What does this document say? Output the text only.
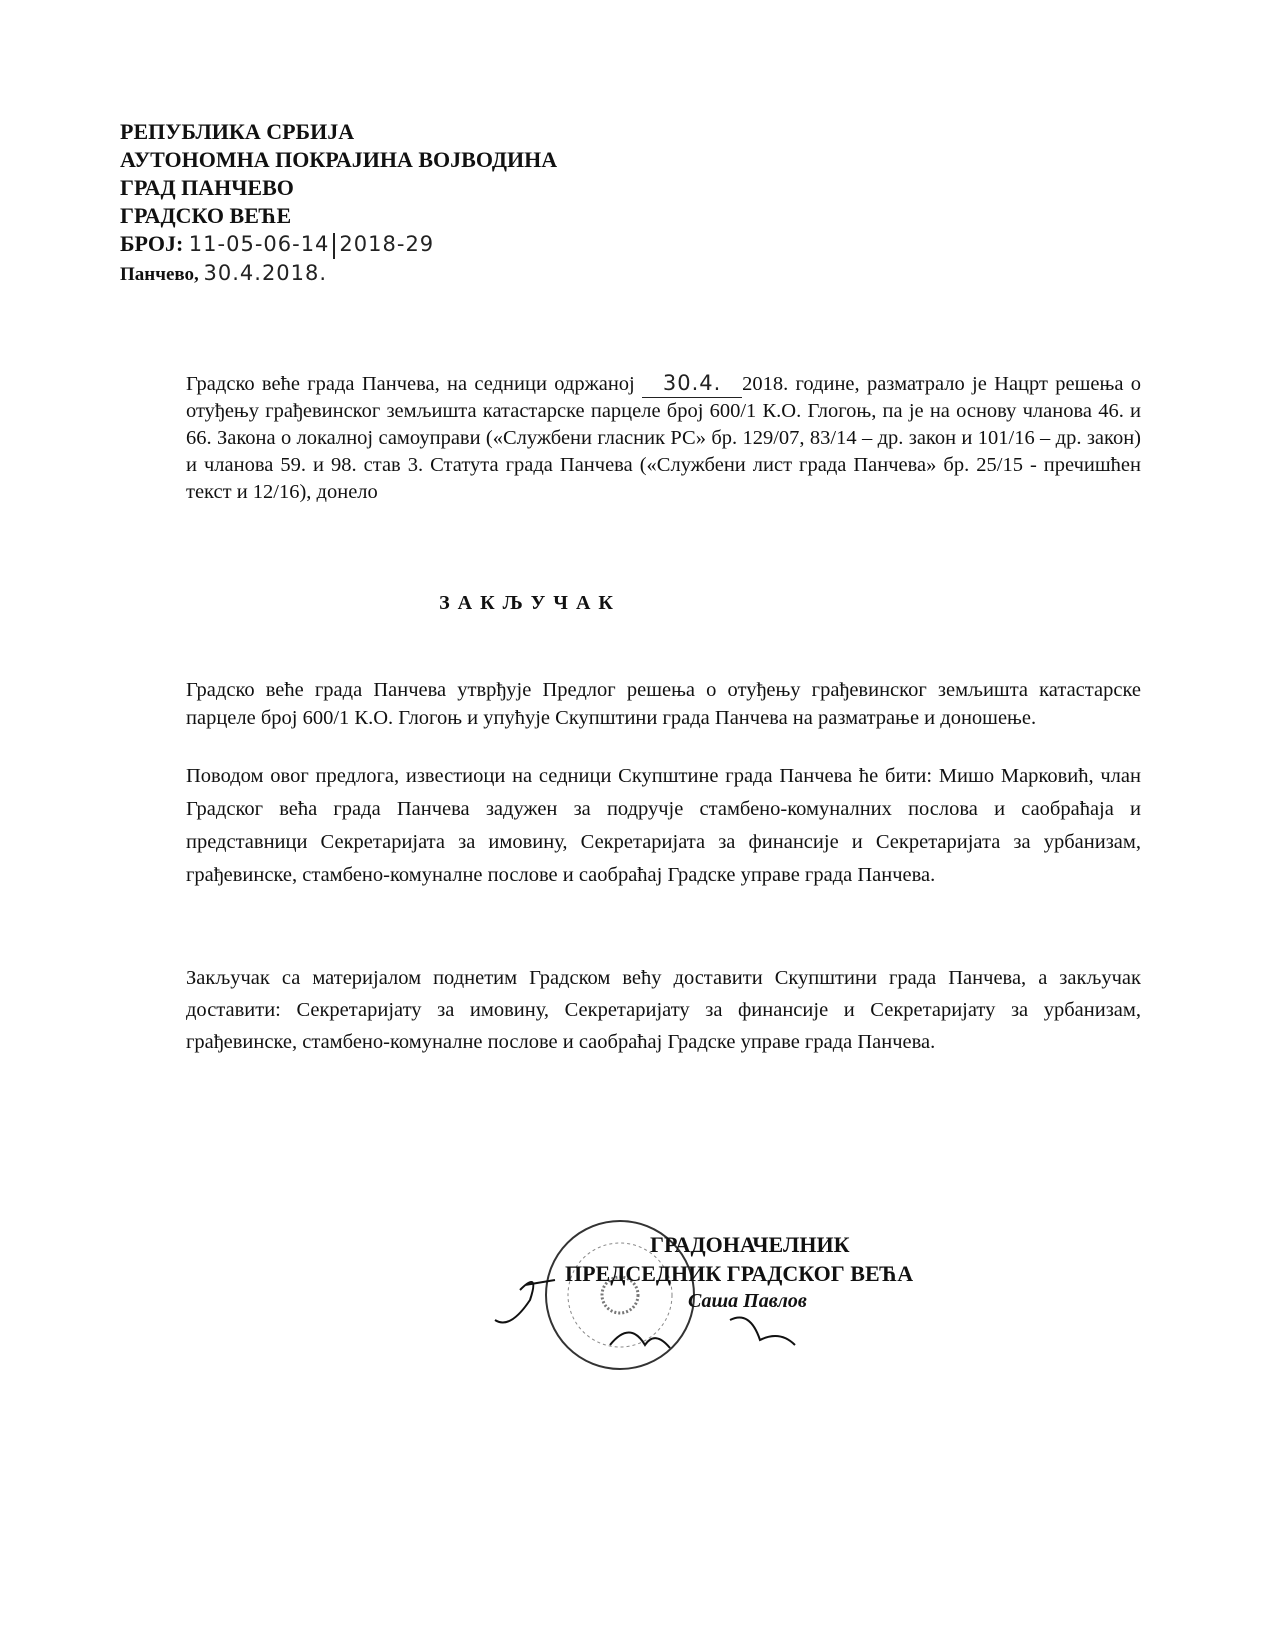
РЕПУБЛИКА СРБИЈА
АУТОНОМНА ПОКРАЈИНА ВОЈВОДИНА
ГРАД ПАНЧЕВО
ГРАДСКО ВЕЋЕ
БРОЈ: 11-05-06-14 2018-29
Панчево, 30.4.2018.
Градско веће града Панчева, на седници одржаној 30.4. 2018. године, разматрало је Нацрт решења о отуђењу грађевинског земљишта катастарске парцеле број 600/1 К.О. Глогоњ, па је на основу чланова 46. и 66. Закона о локалној самоуправи («Службени гласник РС» бр. 129/07, 83/14 – др. закон и 101/16 – др. закон) и чланова 59. и 98. став 3. Статута града Панчева («Службени лист града Панчева» бр. 25/15 - пречишћен текст и 12/16), донело
ЗАКЉУЧАК
Градско веће града Панчева утврђује Предлог решења о отуђењу грађевинског земљишта катастарске парцеле број 600/1 К.О. Глогоњ и упућује Скупштини града Панчева на разматрање и доношење.
Поводом овог предлога, известиоци на седници Скупштине града Панчева ће бити: Мишо Марковић, члан Градског већа града Панчева задужен за подручје стамбено-комуналних послова и саобраћаја и представници Секретаријата за имовину, Секретаријата за финансије и Секретаријата за урбанизам, грађевинске, стамбено-комуналне послове и саобраћај Градске управе града Панчева.
Закључак са материјалом поднетим Градском већу доставити Скупштини града Панчева, а закључак доставити: Секретаријату за имовину, Секретаријату за финансије и Секретаријату за урбанизам, грађевинске, стамбено-комуналне послове и саобраћај Градске управе града Панчева.
ГРАДОНАЧЕЛНИК
ПРЕДСЕДНИК ГРАДСКОГ ВЕЋА
Саша Павлов
